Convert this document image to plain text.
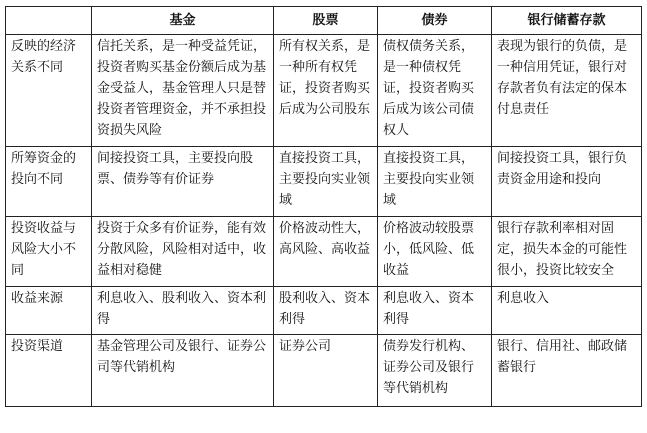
	基金	股票	债券	银行储蓄存款
反映的经济关系不同	信托关系，是一种受益凭证，投资者购买基金份额后成为基金受益人，基金管理人只是替投资者管理资金，并不承担投资损失风险	所有权关系，是一种所有权凭证，投资者购买后成为公司股东	债权债务关系，是一种债权凭证，投资者购买后成为该公司债权人	表现为银行的负债，是一种信用凭证，银行对存款者负有法定的保本付息责任
所筹资金的投向不同	间接投资工具，主要投向股票、债券等有价证券	直接投资工具，主要投向实业领域	直接投资工具，主要投向实业领域	间接投资工具，银行负责资金用途和投向
投资收益与风险大小不同	投资于众多有价证券，能有效分散风险，风险相对适中，收益相对稳健	价格波动性大，高风险、高收益	价格波动较股票小，低风险、低收益	银行存款利率相对固定，损失本金的可能性很小，投资比较安全
收益来源	利息收入、股利收入、资本利得	股利收入、资本利得	利息收入、资本利得	利息收入
投资渠道	基金管理公司及银行、证券公司等代销机构	证券公司	债券发行机构、证券公司及银行等代销机构	银行、信用社、邮政储蓄银行
